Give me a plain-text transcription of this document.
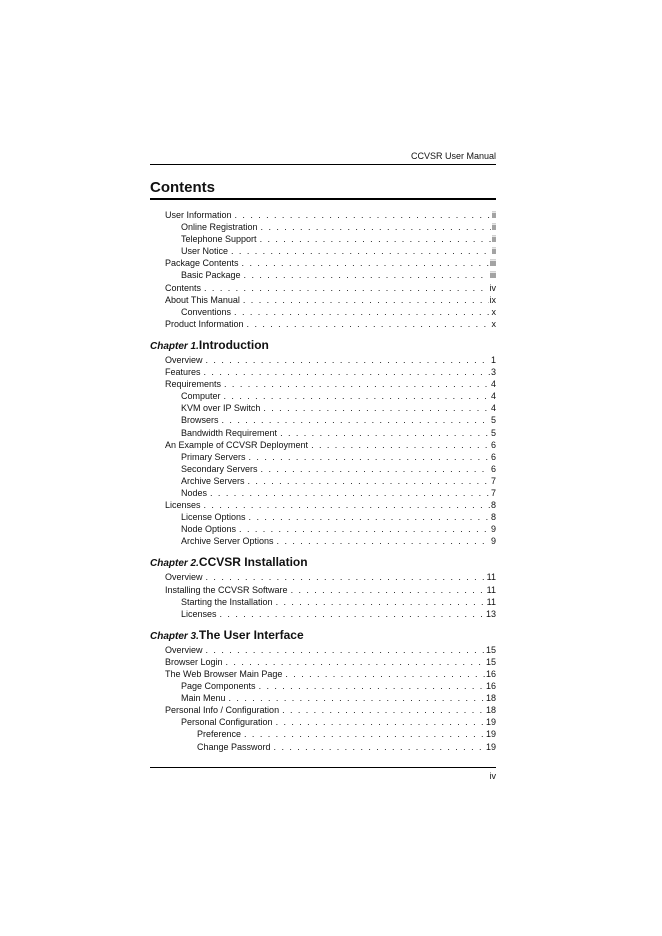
CCVSR User Manual
Contents
User Information . . .	ii
Online Registration . . .	ii
Telephone Support . . .	ii
User Notice . . .	ii
Package Contents . . .	iii
Basic Package . . .	iii
Contents . . .	iv
About This Manual . . .	ix
Conventions . . .	x
Product Information . . .	x
Chapter 1. Introduction
Overview . . .	1
Features . . .	3
Requirements . . .	4
Computer . . .	4
KVM over IP Switch . . .	4
Browsers . . .	5
Bandwidth Requirement . . .	5
An Example of CCVSR Deployment . . .	6
Primary Servers . . .	6
Secondary Servers . . .	6
Archive Servers . . .	7
Nodes . . .	7
Licenses . . .	8
License Options . . .	8
Node Options . . .	9
Archive Server Options . . .	9
Chapter 2. CCVSR Installation
Overview . . .	11
Installing the CCVSR Software . . .	11
Starting the Installation . . .	11
Licenses . . .	13
Chapter 3. The User Interface
Overview . . .	15
Browser Login . . .	15
The Web Browser Main Page . . .	16
Page Components . . .	16
Main Menu . . .	18
Personal Info / Configuration . . .	18
Personal Configuration . . .	19
Preference . . .	19
Change Password . . .	19
iv
